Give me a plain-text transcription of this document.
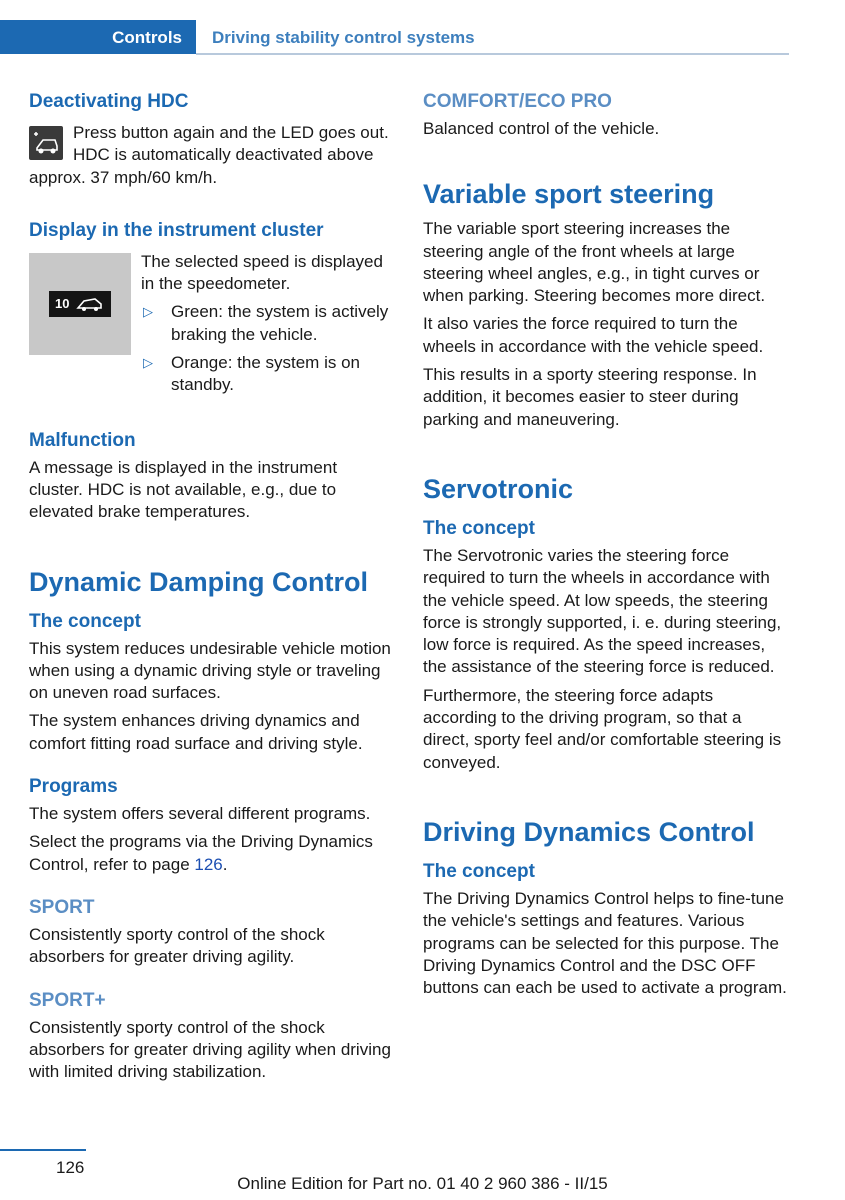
Controls	Driving stability control systems

Deactivating HDC

Press button again and the LED goes out. HDC is automatically deactivated above approx. 37 mph/60 km/h.

Display in the instrument cluster

10

The selected speed is displayed in the speedometer.

▷	Green: the system is actively braking the vehicle.

▷	Orange: the system is on standby.

Malfunction

A message is displayed in the instrument cluster. HDC is not available, e.g., due to elevated brake temperatures.

Dynamic Damping Control

The concept

This system reduces undesirable vehicle motion when using a dynamic driving style or traveling on uneven road surfaces.

The system enhances driving dynamics and comfort fitting road surface and driving style.

Programs

The system offers several different programs.

Select the programs via the Driving Dynamics Control, refer to page 126.

SPORT

Consistently sporty control of the shock absorbers for greater driving agility.

SPORT+

Consistently sporty control of the shock absorbers for greater driving agility when driving with limited driving stabilization.

COMFORT/ECO PRO

Balanced control of the vehicle.

Variable sport steering

The variable sport steering increases the steering angle of the front wheels at large steering wheel angles, e.g., in tight curves or when parking. Steering becomes more direct.

It also varies the force required to turn the wheels in accordance with the vehicle speed.

This results in a sporty steering response. In addition, it becomes easier to steer during parking and maneuvering.

Servotronic

The concept

The Servotronic varies the steering force required to turn the wheels in accordance with the vehicle speed. At low speeds, the steering force is strongly supported, i. e. during steering, low force is required. As the speed increases, the assistance of the steering force is reduced.

Furthermore, the steering force adapts according to the driving program, so that a direct, sporty feel and/or comfortable steering is conveyed.

Driving Dynamics Control

The concept

The Driving Dynamics Control helps to fine-tune the vehicle's settings and features. Various programs can be selected for this purpose. The Driving Dynamics Control and the DSC OFF buttons can each be used to activate a program.

126
Online Edition for Part no. 01 40 2 960 386 - II/15
